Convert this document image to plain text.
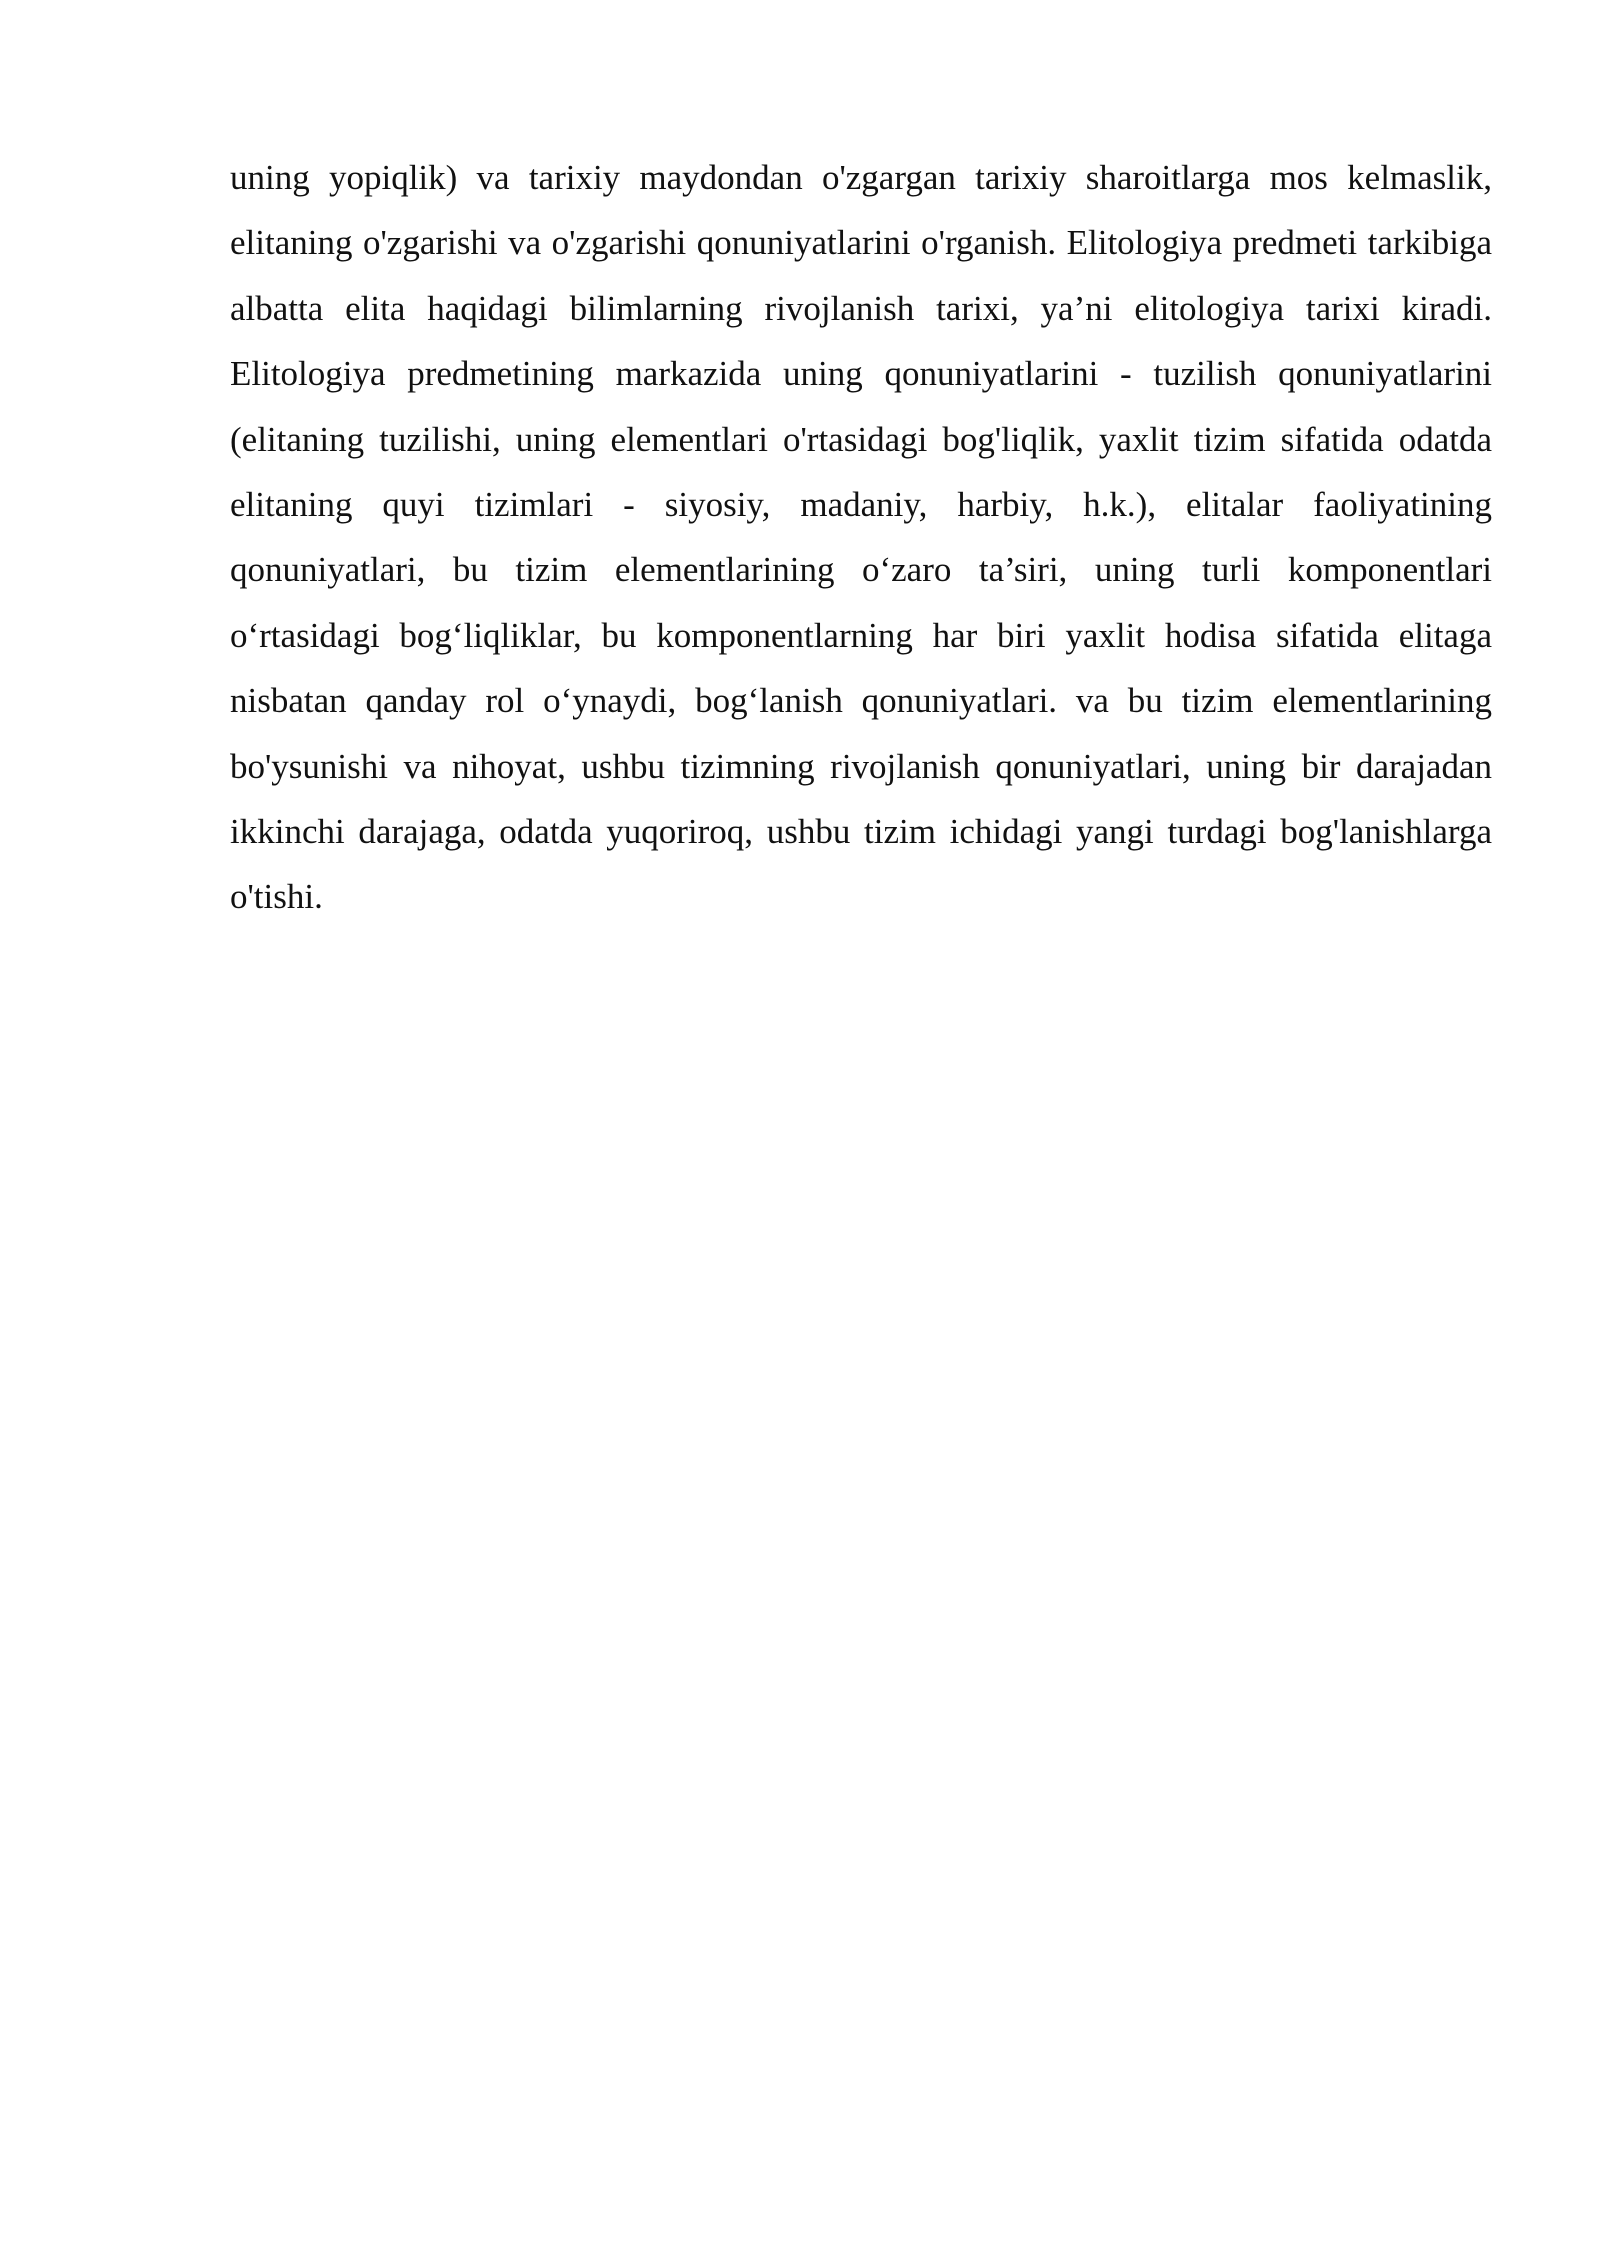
uning yopiqlik) va tarixiy maydondan o'zgargan tarixiy sharoitlarga mos kelmaslik, elitaning o'zgarishi va o'zgarishi qonuniyatlarini o'rganish. Elitologiya predmeti tarkibiga albatta elita haqidagi bilimlarning rivojlanish tarixi, ya’ni elitologiya tarixi kiradi. Elitologiya predmetining markazida uning qonuniyatlarini - tuzilish qonuniyatlarini (elitaning tuzilishi, uning elementlari o'rtasidagi bog'liqlik, yaxlit tizim sifatida odatda elitaning quyi tizimlari - siyosiy, madaniy, harbiy, h.k.), elitalar faoliyatining qonuniyatlari, bu tizim elementlarining o‘zaro ta’siri, uning turli komponentlari o‘rtasidagi bog‘liqliklar, bu komponentlarning har biri yaxlit hodisa sifatida elitaga nisbatan qanday rol o‘ynaydi, bog‘lanish qonuniyatlari. va bu tizim elementlarining bo'ysunishi va nihoyat, ushbu tizimning rivojlanish qonuniyatlari, uning bir darajadan ikkinchi darajaga, odatda yuqoriroq, ushbu tizim ichidagi yangi turdagi bog'lanishlarga o'tishi.
